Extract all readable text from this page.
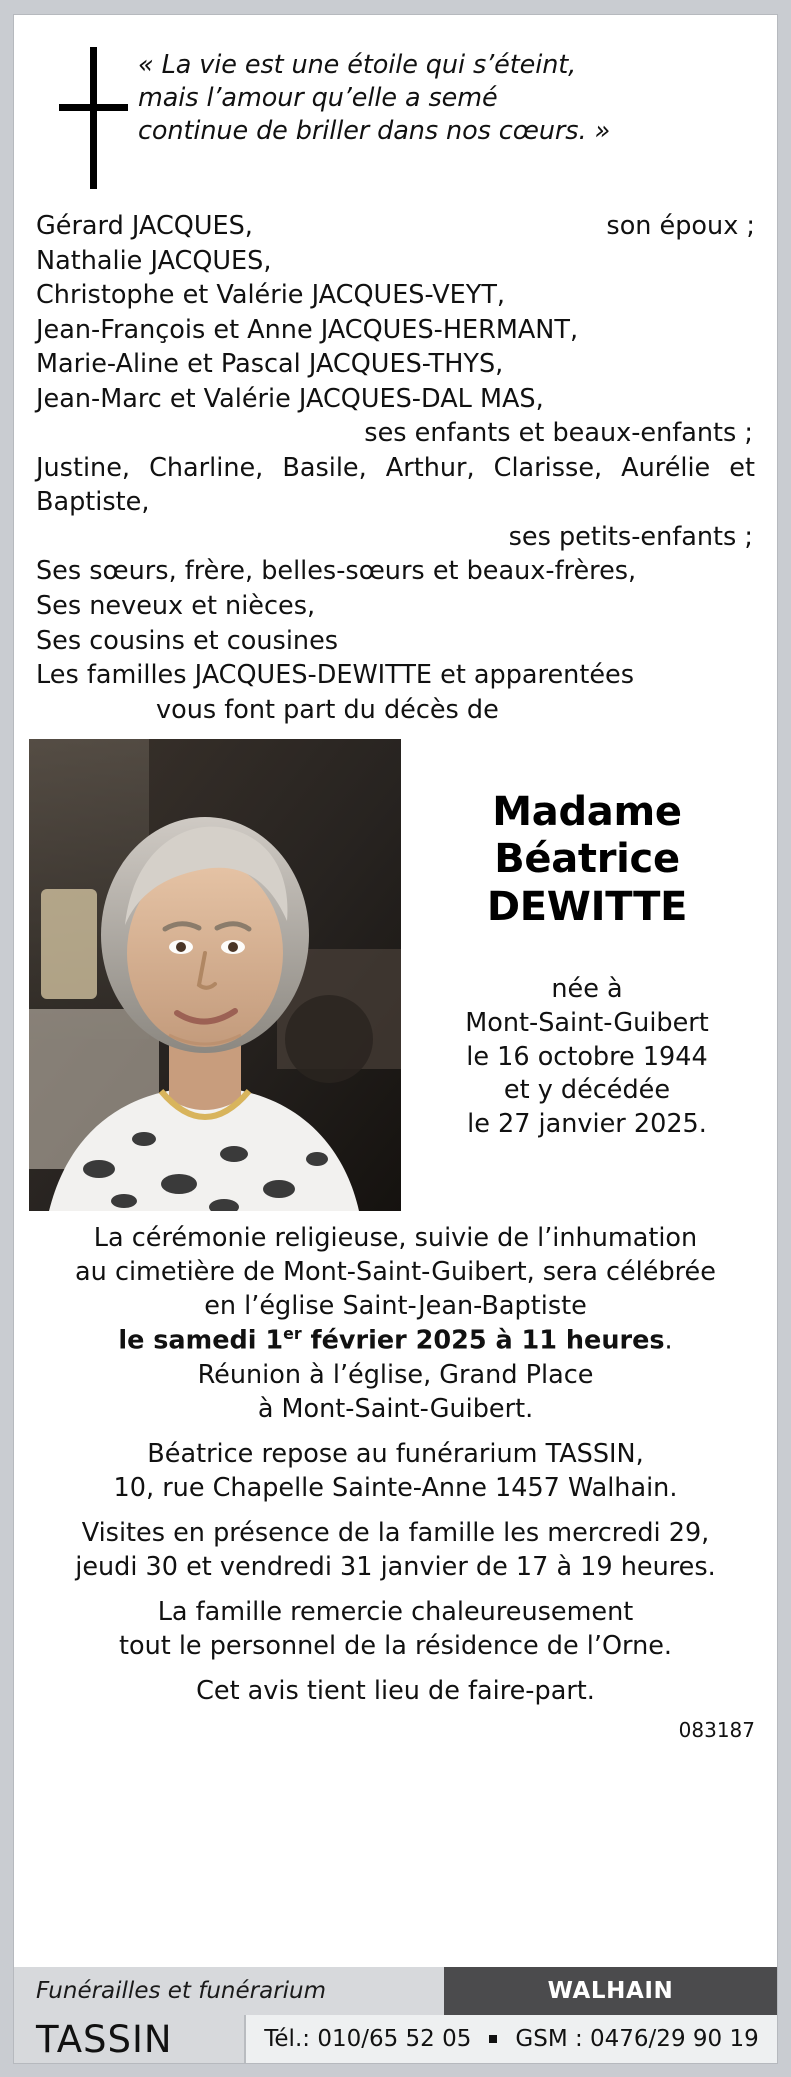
« La vie est une étoile qui s’éteint,
mais l’amour qu’elle a semé
continue de briller dans nos cœurs. »
Gérard JACQUES,	son époux ;
Nathalie JACQUES,
Christophe et Valérie JACQUES-VEYT,
Jean-François et Anne JACQUES-HERMANT,
Marie-Aline et Pascal JACQUES-THYS,
Jean-Marc et Valérie JACQUES-DAL MAS,
ses enfants et beaux-enfants ;
Justine, Charline, Basile, Arthur, Clarisse, Aurélie et
Baptiste,
ses petits-enfants ;
Ses sœurs, frère, belles-sœurs et beaux-frères,
Ses neveux et nièces,
Ses cousins et cousines
Les familles JACQUES-DEWITTE et apparentées
vous font part du décès de
Madame
Béatrice
DEWITTE
née à
Mont-Saint-Guibert
le 16 octobre 1944
et y décédée
le 27 janvier 2025.

La cérémonie religieuse, suivie de l’inhumation

au cimetière de Mont-Saint-Guibert, sera célébrée

en l’église Saint-Jean-Baptiste

le samedi 1er février 2025 à 11 heures.

Réunion à l’église, Grand Place

à Mont-Saint-Guibert.

Béatrice repose au funérarium TASSIN,

10, rue Chapelle Sainte-Anne 1457 Walhain.

Visites en présence de la famille les mercredi 29,

jeudi 30 et vendredi 31 janvier de 17 à 19 heures.

La famille remercie chaleureusement

tout le personnel de la résidence de l’Orne.

Cet avis tient lieu de faire-part.

083187
Funérailles et funérarium	WALHAIN
TASSIN	Tél.: 010/65 52 05 GSM : 0476/29 90 19
